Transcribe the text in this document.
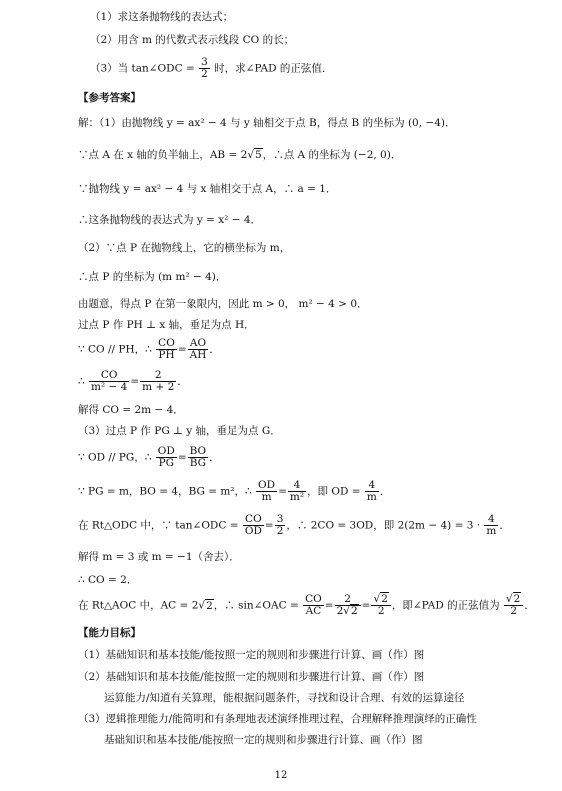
（1）求这条抛物线的表达式；
（2）用含 m 的代数式表示线段 CO 的长；
（3）当 tan∠ODC = $\frac{3}{2}$ 时，求∠PAD 的正弦值．
【参考答案】
解：（1）由抛物线 y = ax² − 4 与 y 轴相交于点 B，得点 B 的坐标为 (0, −4)．
∵点 A 在 x 轴的负半轴上，AB = 2√5，∴点 A 的坐标为 (−2, 0)．
∵抛物线 y = ax² − 4 与 x 轴相交于点 A，∴ a = 1．
∴这条抛物线的表达式为 y = x² − 4．
（2）∵点 P 在抛物线上，它的横坐标为 m，
∴点 P 的坐标为 (m m² − 4)．
由题意，得点 P 在第一象限内，因此 m > 0， m² − 4 > 0．
过点 P 作 PH ⊥ x 轴，垂足为点 H．
∵ CO // PH，∴ $\frac{CO}{PH} = \frac{AO}{AH}$ ．
∴ $\frac{CO}{\text{m² − 4}} = \frac{2}{m + 2}$ ．
解得 CO = 2m − 4．
（3）过点 P 作 PG ⊥ y 轴，垂足为点 G．
∵ OD // PG，∴ $\frac{OD}{PG} = \frac{BO}{BG}$ ．
∵ PG = m，BO = 4，BG = m²，∴ $\frac{OD}{m} = \frac{4}{\text{m²}}$ ，即 OD = $\frac{4}{m}$ ．
在 Rt△ODC 中，∵ tan∠ODC = $\frac{CO}{OD} = \frac{3}{2}$ ，∴ 2CO = 3OD，即 $2(2m - 4) = 3 \cdot \frac{4}{m}$ ．
解得 m = 3 或 m = −1（舍去）．
∴ CO = 2．
在 Rt△AOC 中，AC = 2√2，∴ sin∠OAC = $\frac{CO}{AC} = \frac{2}{2√2} = \frac{√2}{2}$ ，即∠PAD 的正弦值为 $\frac{√2}{2}$ ．
【能力目标】
（1）基础知识和基本技能/能按照一定的规则和步骤进行计算、画（作）图
（2）基础知识和基本技能/能按照一定的规则和步骤进行计算、画（作）图
运算能力/知道有关算理，能根据问题条件，寻找和设计合理、有效的运算途径
（3）逻辑推理能力/能简明和有条理地表述演绎推理过程，合理解释推理演绎的正确性
基础知识和基本技能/能按照一定的规则和步骤进行计算、画（作）图
12
